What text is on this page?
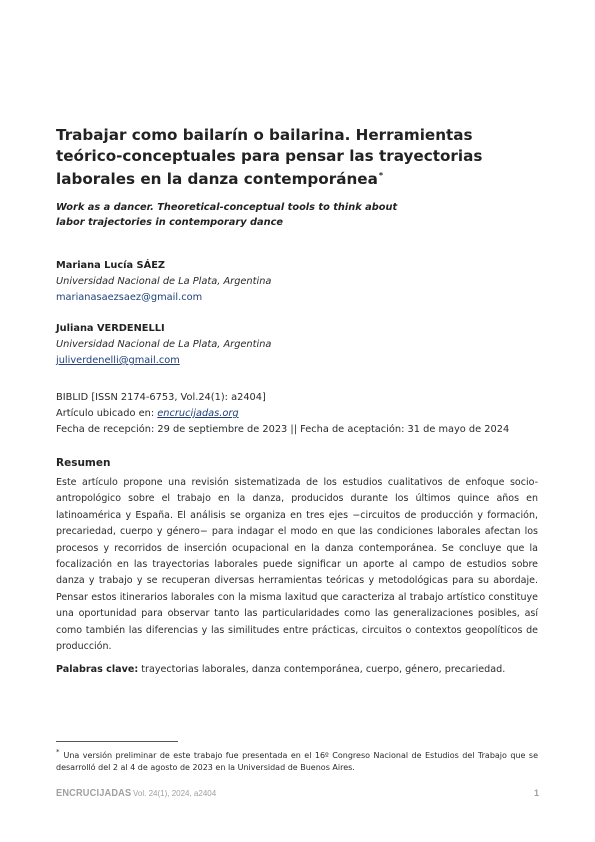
Trabajar como bailarín o bailarina. Herramientas teórico-conceptuales para pensar las trayectorias laborales en la danza contemporánea*
Work as a dancer. Theoretical-conceptual tools to think about
labor trajectories in contemporary dance
Mariana Lucía SÁEZ
Universidad Nacional de La Plata, Argentina
marianasaezsaez@gmail.com
Juliana VERDENELLI
Universidad Nacional de La Plata, Argentina
juliverdenelli@gmail.com
BIBLID [ISSN 2174-6753, Vol.24(1): a2404]
Artículo ubicado en: encrucijadas.org
Fecha de recepción: 29 de septiembre de 2023 || Fecha de aceptación: 31 de mayo de 2024
Resumen

Este artículo propone una revisión sistematizada de los estudios cualitativos de enfoque socio-antropológico sobre el trabajo en la danza, producidos durante los últimos quince años en latinoamérica y España. El análisis se organiza en tres ejes −circuitos de producción y formación, precariedad, cuerpo y género− para indagar el modo en que las condiciones laborales afectan los procesos y recorridos de inserción ocupacional en la danza contemporánea. Se concluye que la focalización en las trayectorias laborales puede significar un aporte al campo de estudios sobre danza y trabajo y se recuperan diversas herramientas teóricas y metodológicas para su abordaje. Pensar estos itinerarios laborales con la misma laxitud que caracteriza al trabajo artístico constituye una oportunidad para observar tanto las particularidades como las generalizaciones posibles, así como también las diferencias y las similitudes entre prácticas, circuitos o contextos geopolíticos de producción.

Palabras clave: trayectorias laborales, danza contemporánea, cuerpo, género, precariedad.
* Una versión preliminar de este trabajo fue presentada en el 16º Congreso Nacional de Estudios del Trabajo que se desarrolló del 2 al 4 de agosto de 2023 en la Universidad de Buenos Aires.
ENCRUCIJADAS Vol. 24(1), 2024, a2404	1
